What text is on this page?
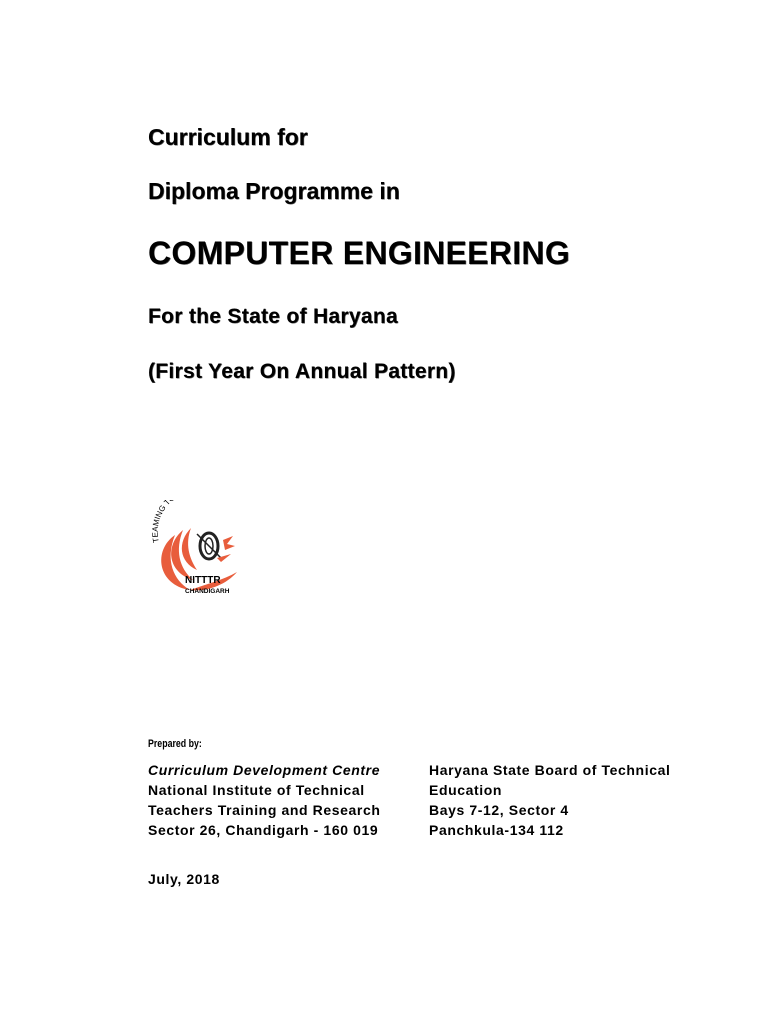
Curriculum for

Diploma Programme in

COMPUTER ENGINEERING

For the State of Haryana

(First Year On Annual Pattern)

TEAMING T
NITTTR
CHANDIGARH

Prepared by:

Curriculum Development Centre
National Institute of Technical
Teachers Training and Research
Sector 26, Chandigarh - 160 019
Haryana State Board of Technical
Education
Bays 7-12, Sector 4
Panchkula-134 112

July, 2018
